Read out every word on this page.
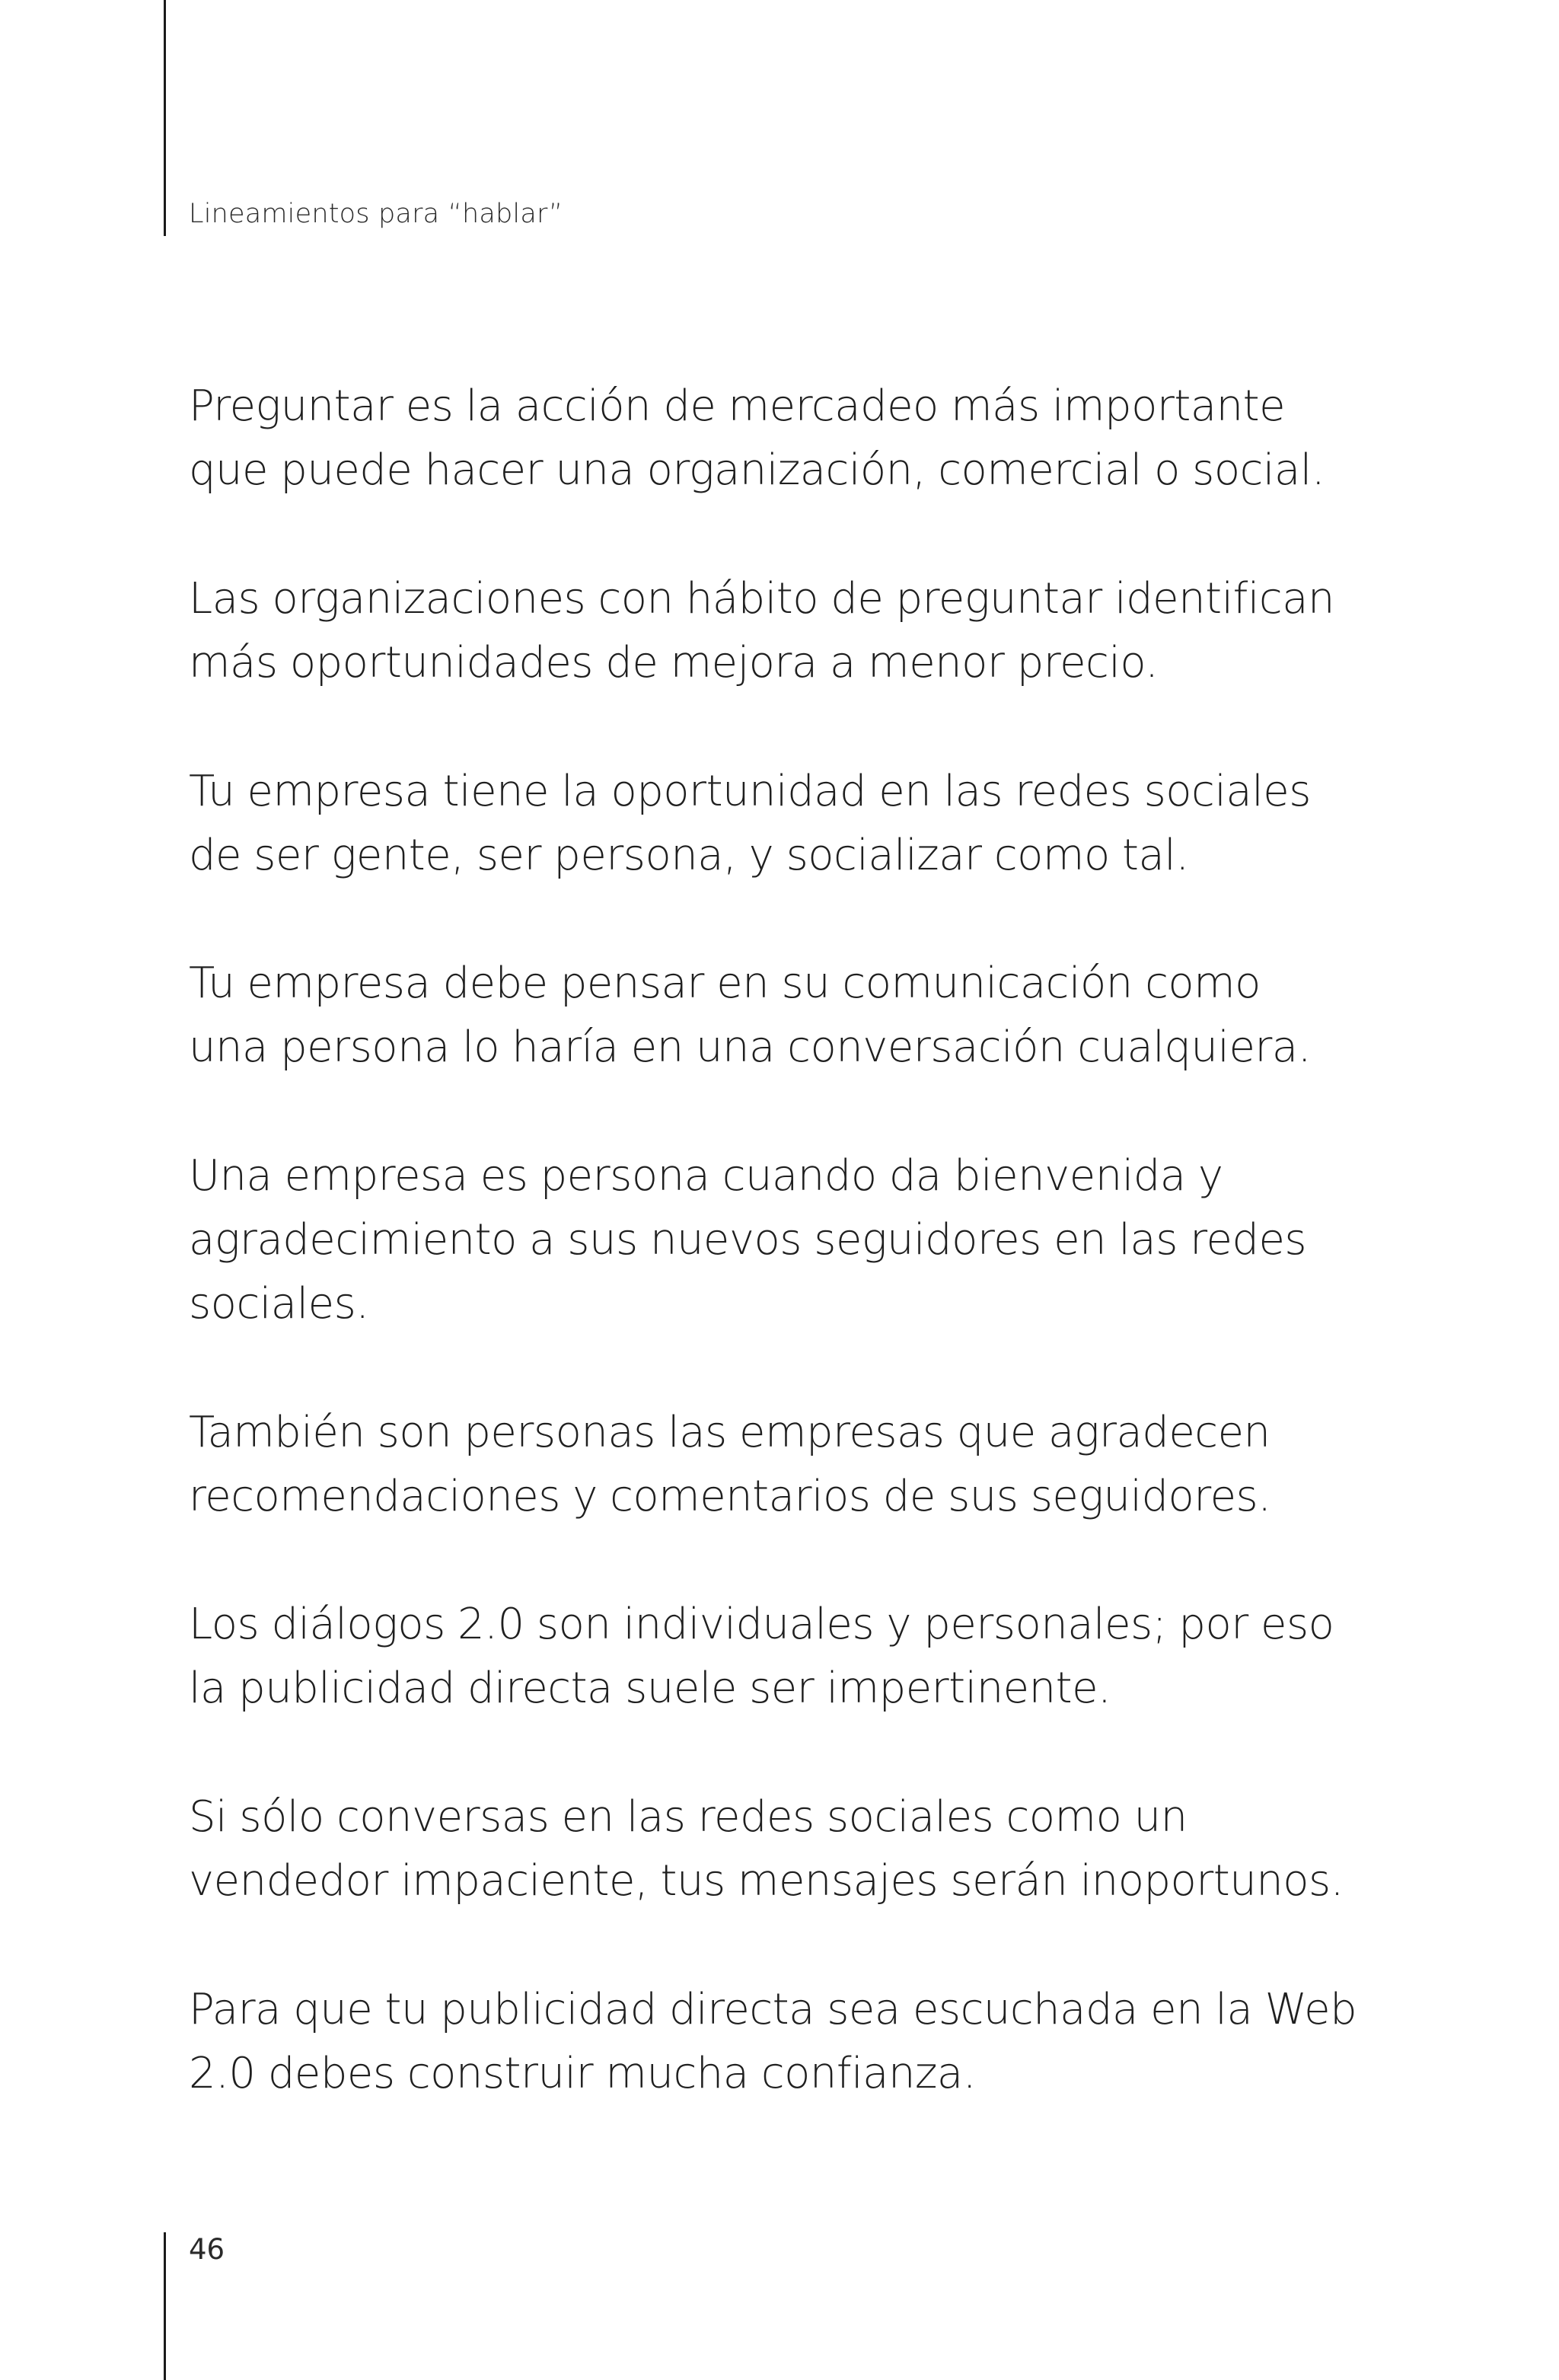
Lineamientos para “hablar”

Preguntar es la acción de mercadeo más importante
que puede hacer una organización, comercial o social.

Las organizaciones con hábito de preguntar identifican
más oportunidades de mejora a menor precio.

Tu empresa tiene la oportunidad en las redes sociales
de ser gente, ser persona, y socializar como tal.

Tu empresa debe pensar en su comunicación como
una persona lo haría en una conversación cualquiera.

Una empresa es persona cuando da bienvenida y
agradecimiento a sus nuevos seguidores en las redes
sociales.

También son personas las empresas que agradecen
recomendaciones y comentarios de sus seguidores.

Los diálogos 2.0 son individuales y personales; por eso
la publicidad directa suele ser impertinente.

Si sólo conversas en las redes sociales como un
vendedor impaciente, tus mensajes serán inoportunos.

Para que tu publicidad directa sea escuchada en la Web
2.0 debes construir mucha confianza.

46
